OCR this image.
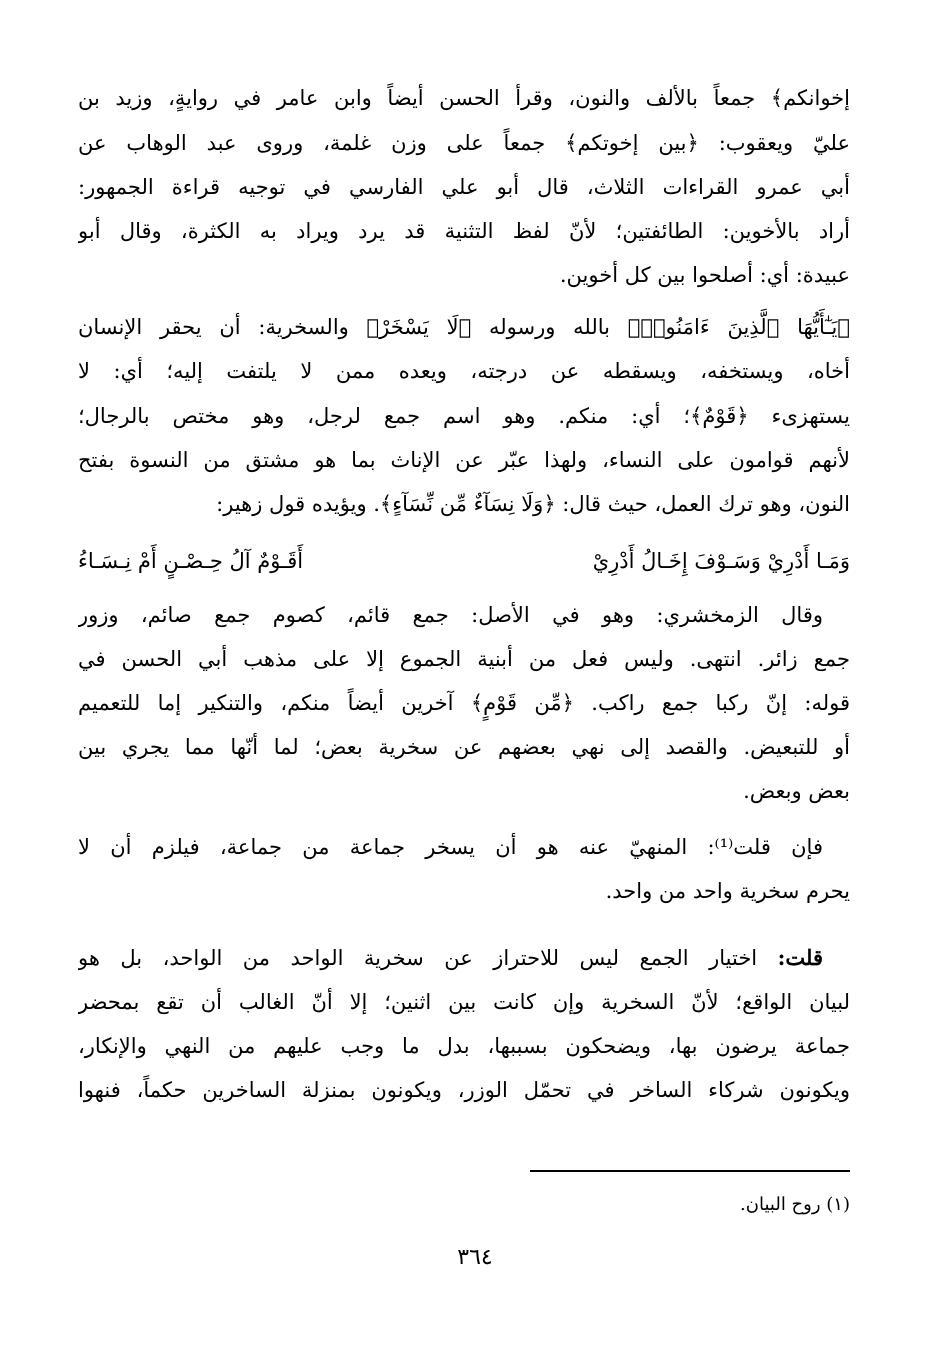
إخوانكم﴾ جمعاً بالألف والنون، وقرأ الحسن أيضاً وابن عامر في روايةٍ، وزيد بن
عليّ ويعقوب: ﴿بين إخوتكم﴾ جمعاً على وزن غلمة، وروى عبد الوهاب عن
أبي عمرو القراءات الثلاث، قال أبو علي الفارسي في توجيه قراءة الجمهور:
أراد بالأخوين: الطائفتين؛ لأنّ لفظ التثنية قد يرد ويراد به الكثرة، وقال أبو
عبيدة: أي: أصلحوا بين كل أخوين.
﴿يَـٰٓأَيُّهَا ٱلَّذِينَ ءَامَنُوا۟﴾ بالله ورسوله ﴿لَا يَسْخَرْ﴾ والسخرية: أن يحقر الإنسان
أخاه، ويستخفه، ويسقطه عن درجته، ويعده ممن لا يلتفت إليه؛ أي: لا
يستهزىء ﴿قَوْمٌ﴾؛ أي: منكم. وهو اسم جمع لرجل، وهو مختص بالرجال؛
لأنهم قوامون على النساء، ولهذا عبّر عن الإناث بما هو مشتق من النسوة بفتح
النون، وهو ترك العمل، حيث قال: ﴿وَلَا نِسَآءٌ مِّن نِّسَآءٍ﴾. ويؤيده قول زهير:
وَمَـا أَدْرِيْ وَسَـوْفَ إِخَـالُ أَدْرِيْ
أَقَـوْمٌ آلُ حِـصْـنٍ أَمْ نِـسَـاءُ
وقال الزمخشري: وهو في الأصل: جمع قائم، كصوم جمع صائم، وزور
جمع زائر. انتهى. وليس فعل من أبنية الجموع إلا على مذهب أبي الحسن في
قوله: إنّ ركبا جمع راكب. ﴿مِّن قَوْمٍ﴾ آخرين أيضاً منكم، والتنكير إما للتعميم
أو للتبعيض. والقصد إلى نهي بعضهم عن سخرية بعض؛ لما أنّها مما يجري بين
بعض وبعض.
فإن قلت⁽¹⁾: المنهيّ عنه هو أن يسخر جماعة من جماعة، فيلزم أن لا
يحرم سخرية واحد من واحد.
قلت: اختيار الجمع ليس للاحتراز عن سخرية الواحد من الواحد، بل هو
لبيان الواقع؛ لأنّ السخرية وإن كانت بين اثنين؛ إلا أنّ الغالب أن تقع بمحضر
جماعة يرضون بها، ويضحكون بسببها، بدل ما وجب عليهم من النهي والإنكار،
ويكونون شركاء الساخر في تحمّل الوزر، ويكونون بمنزلة الساخرين حكماً، فنهوا
(١) روح البيان.
٣٦٤
